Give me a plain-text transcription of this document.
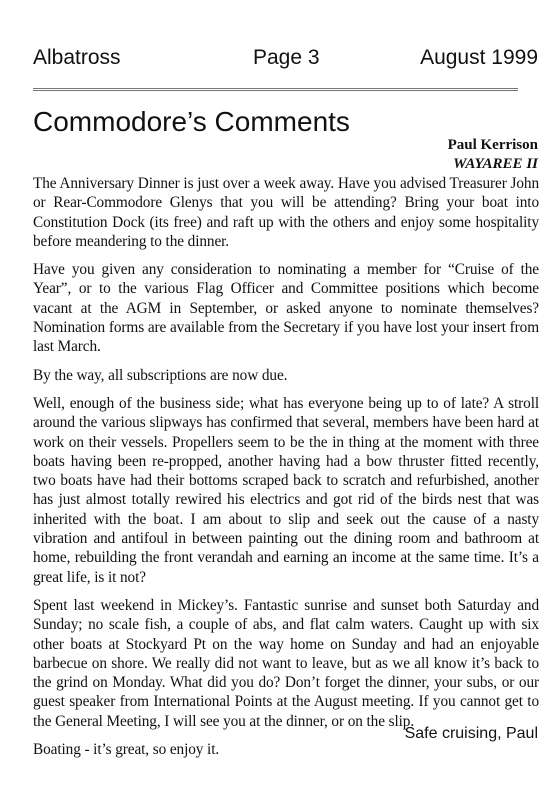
Albatross	Page 3	August 1999
Commodore’s Comments
Paul Kerrison
WAYAREE II

The Anniversary Dinner is just over a week away. Have you advised Treasurer John or Rear-Commodore Glenys that you will be attending? Bring your boat into Constitution Dock (its free) and raft up with the others and enjoy some hospitality before meandering to the dinner.

Have you given any consideration to nominating a member for “Cruise of the Year”, or to the various Flag Officer and Committee positions which become vacant at the AGM in September, or asked anyone to nominate themselves? Nomination forms are available from the Secretary if you have lost your insert from last March.

By the way, all subscriptions are now due.

Well, enough of the business side; what has everyone being up to of late? A stroll around the various slipways has confirmed that several, members have been hard at work on their vessels. Propellers seem to be the in thing at the moment with three boats having been re-propped, another having had a bow thruster fitted recently, two boats have had their bottoms scraped back to scratch and refurbished, another has just almost totally rewired his electrics and got rid of the birds nest that was inherited with the boat. I am about to slip and seek out the cause of a nasty vibration and antifoul in between painting out the dining room and bathroom at home, rebuilding the front verandah and earning an income at the same time. It’s a great life, is it not?

Spent last weekend in Mickey’s. Fantastic sunrise and sunset both Saturday and Sunday; no scale fish, a couple of abs, and flat calm waters. Caught up with six other boats at Stockyard Pt on the way home on Sunday and had an enjoyable barbecue on shore. We really did not want to leave, but as we all know it’s back to the grind on Monday. What did you do? Don’t forget the dinner, your subs, or our guest speaker from International Points at the August meeting. If you cannot get to the General Meeting, I will see you at the dinner, or on the slip.

Boating - it’s great, so enjoy it.

Safe cruising, Paul
